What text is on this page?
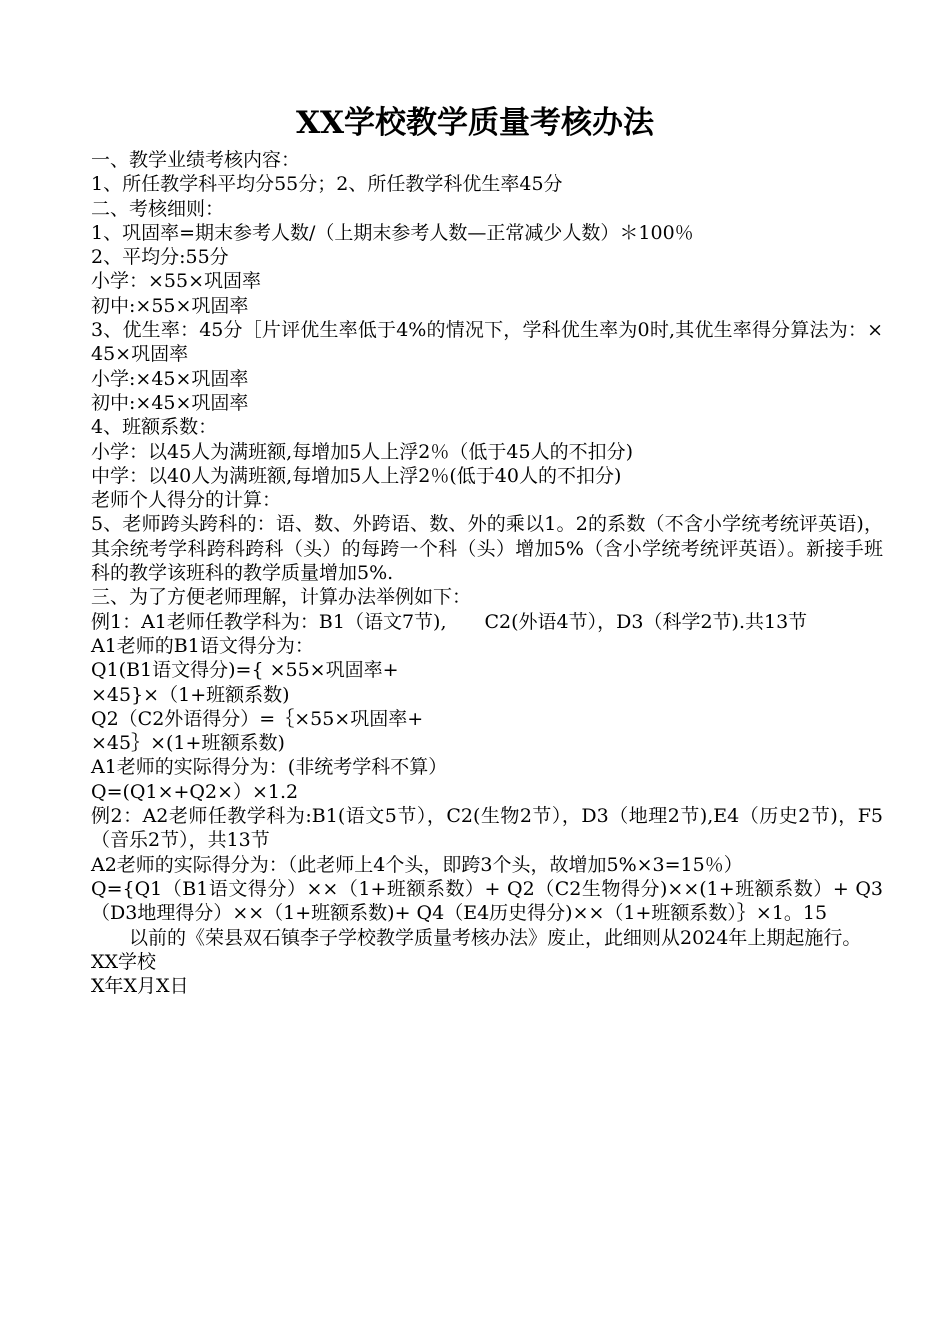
XX学校教学质量考核办法

一、教学业绩考核内容：

1、所任教学科平均分55分；2、所任教学科优生率45分

二、考核细则：

1、巩固率=期末参考人数/（上期末参考人数—正常减少人数）＊100％

2、平均分:55分

小学：×55×巩固率

初中:×55×巩固率

3、优生率：45分［片评优生率低于4%的情况下，学科优生率为0时,其优生率得分算法为：×45×巩固率

小学:×45×巩固率

初中:×45×巩固率

4、班额系数：

小学：以45人为满班额,每增加5人上浮2％（低于45人的不扣分)

中学：以40人为满班额,每增加5人上浮2％(低于40人的不扣分)

老师个人得分的计算：

5、老师跨头跨科的：语、数、外跨语、数、外的乘以1。2的系数（不含小学统考统评英语)，其余统考学科跨科跨科（头）的每跨一个科（头）增加5%（含小学统考统评英语）。新接手班科的教学该班科的教学质量增加5%.

三、为了方便老师理解，计算办法举例如下：

例1：A1老师任教学科为：B1（语文7节),　　C2(外语4节），D3（科学2节).共13节

A1老师的B1语文得分为：

Q1(B1语文得分)={ ×55×巩固率+

×45}×（1+班额系数)

Q2（C2外语得分）=｛×55×巩固率+

×45｝×(1+班额系数)

A1老师的实际得分为：(非统考学科不算）

Q=(Q1×+Q2×）×1.2

例2：A2老师任教学科为:B1(语文5节），C2(生物2节），D3（地理2节),E4（历史2节)，F5（音乐2节），共13节

A2老师的实际得分为：（此老师上4个头，即跨3个头，故增加5%×3=15％）

Q={Q1（B1语文得分）××（1+班额系数）+ Q2（C2生物得分)××(1+班额系数）+ Q3（D3地理得分）××（1+班额系数)+ Q4（E4历史得分)××（1+班额系数）｝×1。15

以前的《荣县双石镇李子学校教学质量考核办法》废止，此细则从2024年上期起施行。

XX学校

X年X月X日
